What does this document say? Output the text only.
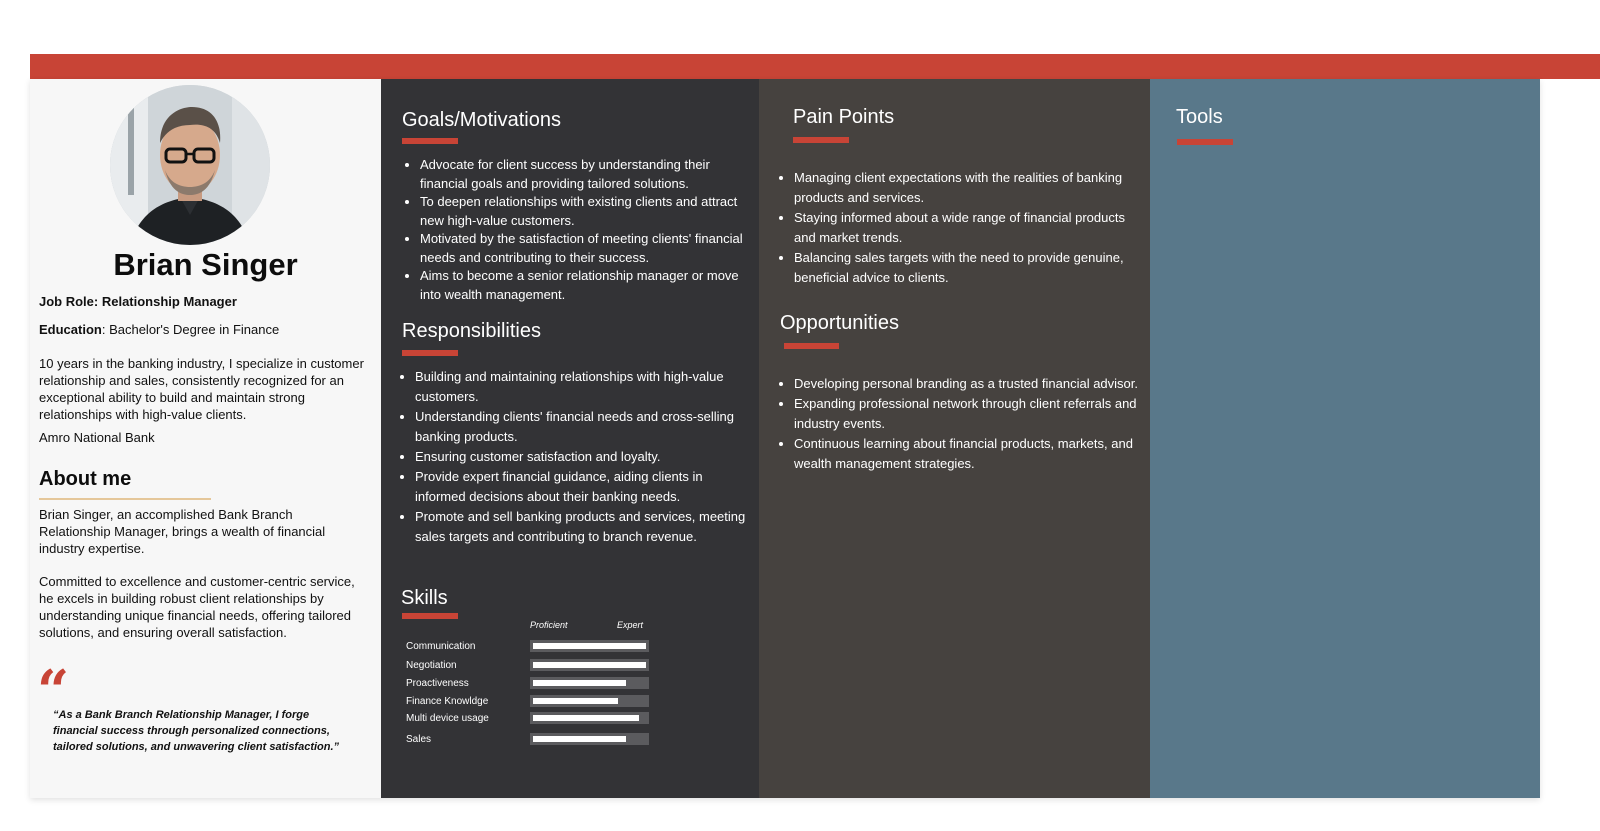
Brian Singer

Job Role: Relationship Manager

Education: Bachelor's Degree in Finance

10 years in the banking industry, I specialize in customer relationship and sales, consistently recognized for an exceptional ability to build and maintain strong relationships with high-value clients.

Amro National Bank

About me

Brian Singer, an accomplished Bank Branch Relationship Manager, brings a wealth of financial industry expertise.

Committed to excellence and customer-centric service, he excels in building robust client relationships by understanding unique financial needs, offering tailored solutions, and ensuring overall satisfaction.

“

“As a Bank Branch Relationship Manager, I forge financial success through personalized connections, tailored solutions, and unwavering client satisfaction.”

Goals/Motivations
• Advocate for client success by understanding their financial goals and providing tailored solutions.
• To deepen relationships with existing clients and attract new high-value customers.
• Motivated by the satisfaction of meeting clients' financial needs and contributing to their success.
• Aims to become a senior relationship manager or move into wealth management.
Responsibilities
• Building and maintaining relationships with high-value customers.
• Understanding clients' financial needs and cross-selling banking products.
• Ensuring customer satisfaction and loyalty.
• Provide expert financial guidance, aiding clients in informed decisions about their banking needs.
• Promote and sell banking products and services, meeting sales targets and contributing to branch revenue.
Skills
Proficient	Expert
Communication
Negotiation
Proactiveness
Finance Knowldge
Multi device usage
Sales
Pain Points
• Managing client expectations with the realities of banking products and services.
• Staying informed about a wide range of financial products and market trends.
• Balancing sales targets with the need to provide genuine, beneficial advice to clients.
Opportunities
• Developing personal branding as a trusted financial advisor.
• Expanding professional network through client referrals and industry events.
• Continuous learning about financial products, markets, and wealth management strategies.
Tools
